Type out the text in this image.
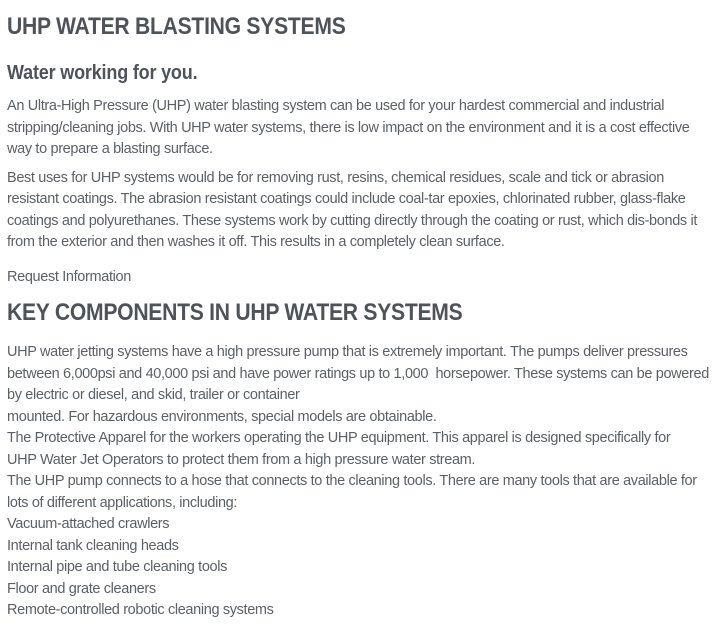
UHP WATER BLASTING SYSTEMS
Water working for you.
An Ultra-High Pressure (UHP) water blasting system can be used for your hardest commercial and industrial
stripping/cleaning jobs. With UHP water systems, there is low impact on the environment and it is a cost effective
way to prepare a blasting surface.
Best uses for UHP systems would be for removing rust, resins, chemical residues, scale and tick or abrasion
resistant coatings. The abrasion resistant coatings could include coal-tar epoxies, chlorinated rubber, glass-flake
coatings and polyurethanes. These systems work by cutting directly through the coating or rust, which dis-bonds it
from the exterior and then washes it off. This results in a completely clean surface.

Request Information

KEY COMPONENTS IN UHP WATER SYSTEMS
UHP water jetting systems have a high pressure pump that is extremely important. The pumps deliver pressures
between 6,000psi and 40,000 psi and have power ratings up to 1,000  horsepower. These systems can be powered
by electric or diesel, and skid, trailer or container
mounted. For hazardous environments, special models are obtainable.
The Protective Apparel for the workers operating the UHP equipment. This apparel is designed specifically for
UHP Water Jet Operators to protect them from a high pressure water stream.
The UHP pump connects to a hose that connects to the cleaning tools. There are many tools that are available for
lots of different applications, including:
Vacuum-attached crawlers
Internal tank cleaning heads
Internal pipe and tube cleaning tools
Floor and grate cleaners
Remote-controlled robotic cleaning systems
